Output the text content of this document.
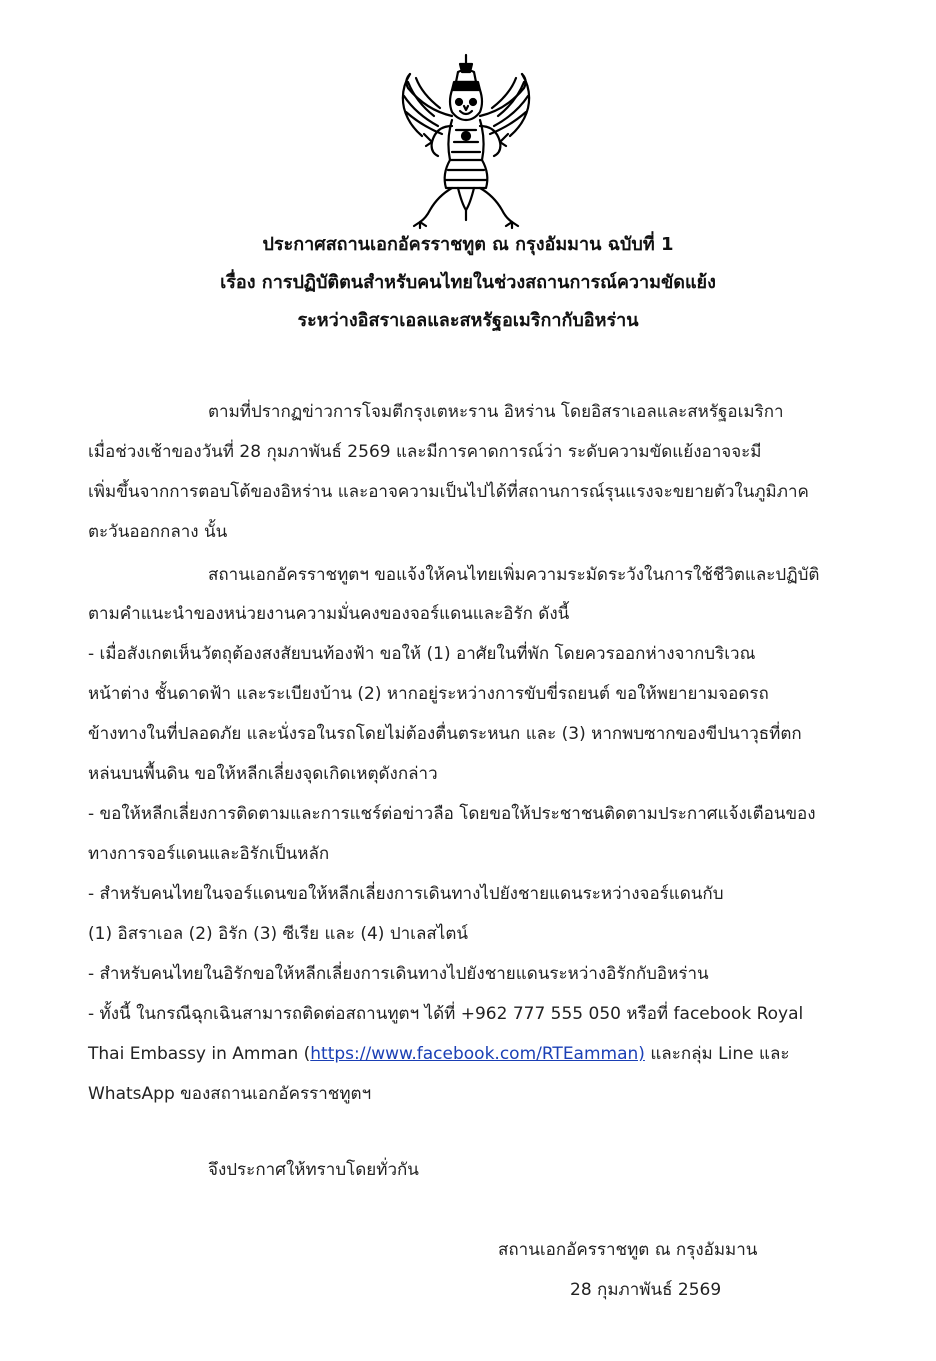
ประกาศสถานเอกอัครราชทูต ณ กรุงอัมมาน ฉบับที่ 1
เรื่อง การปฏิบัติตนสำหรับคนไทยในช่วงสถานการณ์ความขัดแย้ง
ระหว่างอิสราเอลและสหรัฐอเมริกากับอิหร่าน
ตามที่ปรากฏข่าวการโจมตีกรุงเตหะราน อิหร่าน โดยอิสราเอลและสหรัฐอเมริกา
เมื่อช่วงเช้าของวันที่ 28 กุมภาพันธ์ 2569 และมีการคาดการณ์ว่า ระดับความขัดแย้งอาจจะมี
เพิ่มขึ้นจากการตอบโต้ของอิหร่าน และอาจความเป็นไปได้ที่สถานการณ์รุนแรงจะขยายตัวในภูมิภาค
ตะวันออกกลาง นั้น
สถานเอกอัครราชทูตฯ ขอแจ้งให้คนไทยเพิ่มความระมัดระวังในการใช้ชีวิตและปฏิบัติ
ตามคำแนะนำของหน่วยงานความมั่นคงของจอร์แดนและอิรัก ดังนี้
- เมื่อสังเกตเห็นวัตถุต้องสงสัยบนท้องฟ้า ขอให้ (1) อาศัยในที่พัก โดยควรออกห่างจากบริเวณ
หน้าต่าง ชั้นดาดฟ้า และระเบียงบ้าน (2) หากอยู่ระหว่างการขับขี่รถยนต์ ขอให้พยายามจอดรถ
ข้างทางในที่ปลอดภัย และนั่งรอในรถโดยไม่ต้องตื่นตระหนก และ (3) หากพบซากของขีปนาวุธที่ตก
หล่นบนพื้นดิน ขอให้หลีกเลี่ยงจุดเกิดเหตุดังกล่าว
- ขอให้หลีกเลี่ยงการติดตามและการแชร์ต่อข่าวลือ โดยขอให้ประชาชนติดตามประกาศแจ้งเตือนของ
ทางการจอร์แดนและอิรักเป็นหลัก
- สำหรับคนไทยในจอร์แดนขอให้หลีกเลี่ยงการเดินทางไปยังชายแดนระหว่างจอร์แดนกับ
(1) อิสราเอล (2) อิรัก (3) ซีเรีย และ (4) ปาเลสไตน์
- สำหรับคนไทยในอิรักขอให้หลีกเลี่ยงการเดินทางไปยังชายแดนระหว่างอิรักกับอิหร่าน
- ทั้งนี้ ในกรณีฉุกเฉินสามารถติดต่อสถานทูตฯ ได้ที่ +962 777 555 050 หรือที่ facebook Royal
Thai Embassy in Amman (https://www.facebook.com/RTEamman) และกลุ่ม Line และ
WhatsApp ของสถานเอกอัครราชทูตฯ
จึงประกาศให้ทราบโดยทั่วกัน
สถานเอกอัครราชทูต ณ กรุงอัมมาน
28 กุมภาพันธ์ 2569
